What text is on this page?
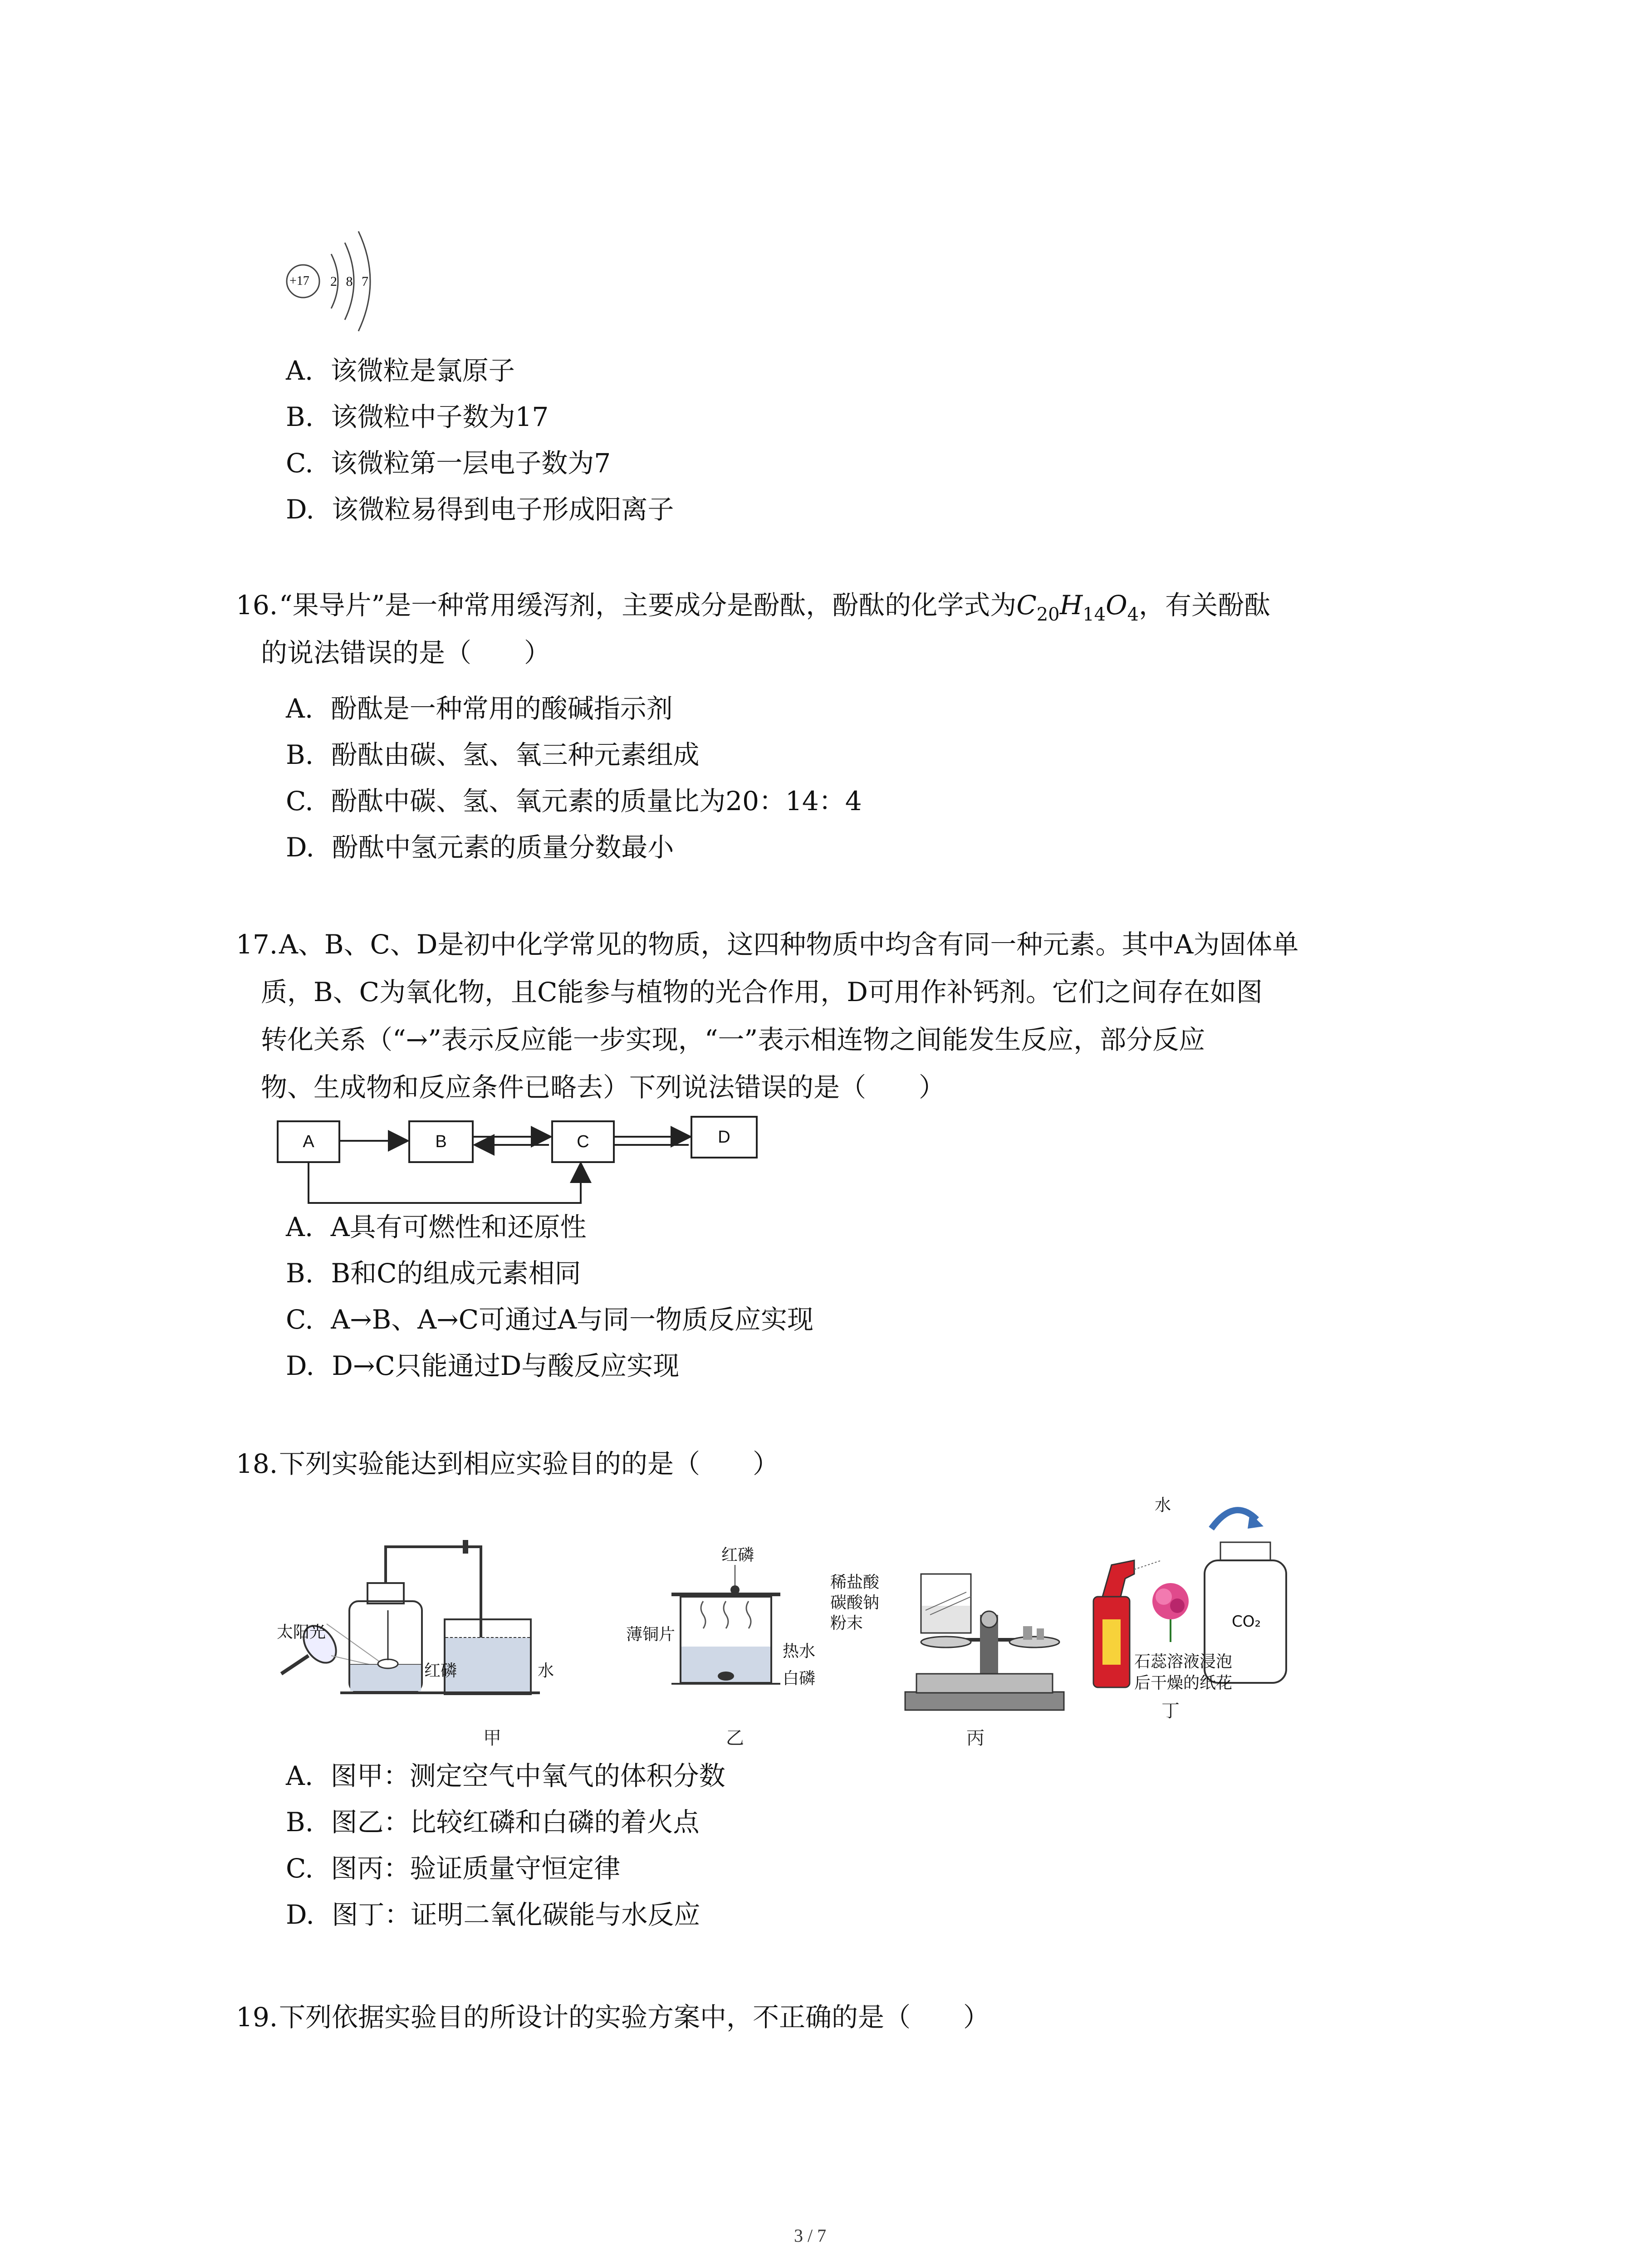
+17 2 8 7
A. 该微粒是氯原子
B. 该微粒中子数为17
C. 该微粒第一层电子数为7
D. 该微粒易得到电子形成阳离子
16. “果导片”是一种常用缓泻剂，主要成分是酚酞，酚酞的化学式为$C_{20}H_{14}O_4$，有关酚酞
的说法错误的是（　　）
A. 酚酞是一种常用的酸碱指示剂
B. 酚酞由碳、氢、氧三种元素组成
C. 酚酞中碳、氢、氧元素的质量比为20：14：4
D. 酚酞中氢元素的质量分数最小
17. A、B、C、D是初中化学常见的物质，这四种物质中均含有同一种元素。其中A为固体单
质，B、C为氧化物，且C能参与植物的光合作用，D可用作补钙剂。它们之间存在如图
转化关系（“→”表示反应能一步实现，“一”表示相连物之间能发生反应，部分反应
物、生成物和反应条件已略去）下列说法错误的是（　　）
A	B	C	D
A. A具有可燃性和还原性
B. B和C的组成元素相同
C. A→B、A→C可通过A与同一物质反应实现
D. D→C只能通过D与酸反应实现
18. 下列实验能达到相应实验目的的是（　　）
太阳光
红磷	水
甲
红磷
薄铜片
热水
白磷
乙
稀盐酸
碳酸钠
粉末
丙
水
CO₂
石蕊溶液浸泡
后干燥的纸花
丁
A. 图甲：测定空气中氧气的体积分数
B. 图乙：比较红磷和白磷的着火点
C. 图丙：验证质量守恒定律
D. 图丁：证明二氧化碳能与水反应
19. 下列依据实验目的所设计的实验方案中，不正确的是（　　）
3 / 7
